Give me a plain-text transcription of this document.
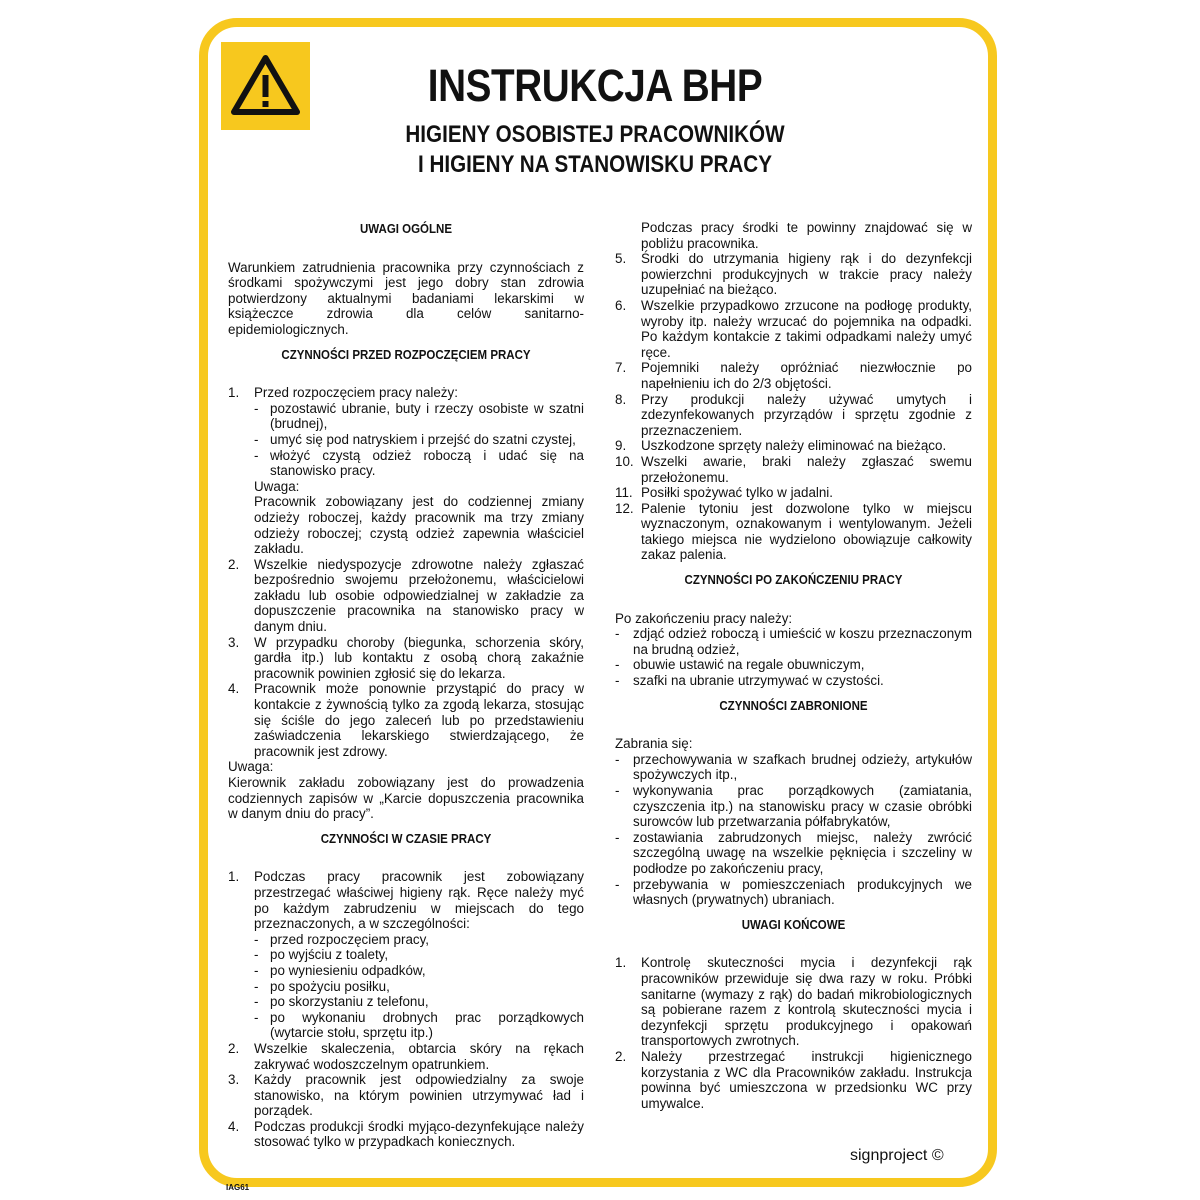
INSTRUKCJA BHP
HIGIENY OSOBISTEJ PRACOWNIKÓW
I HIGIENY NA STANOWISKU PRACY
UWAGI OGÓLNE

Warunkiem zatrudnienia pracownika przy czynnościach z środkami spożywczymi jest jego dobry stan zdrowia potwierdzony aktualnymi badaniami lekarskimi w książeczce zdrowia dla celów sanitarno-epidemiologicznych.

CZYNNOŚCI PRZED ROZPOCZĘCIEM PRACY
1.	Przed rozpoczęciem pracy należy:
- pozostawić ubranie, buty i rzeczy osobiste w szatni (brudnej),
- umyć się pod natryskiem i przejść do szatni czystej,
- włożyć czystą odzież roboczą i udać się na stanowisko pracy.
Uwaga:
Pracownik zobowiązany jest do codziennej zmiany odzieży roboczej, każdy pracownik ma trzy zmiany odzieży roboczej; czystą odzież zapewnia właściciel zakładu.
2.	Wszelkie niedyspozycje zdrowotne należy zgłaszać bezpośrednio swojemu przełożonemu, właścicielowi zakładu lub osobie odpowiedzialnej w zakładzie za dopuszczenie pracownika na stanowisko pracy w danym dniu.
3.	W przypadku choroby (biegunka, schorzenia skóry, gardła itp.) lub kontaktu z osobą chorą zakaźnie pracownik powinien zgłosić się do lekarza.
4.	Pracownik może ponownie przystąpić do pracy w kontakcie z żywnością tylko za zgodą lekarza, stosując się ściśle do jego zaleceń lub po przedstawieniu zaświadczenia lekarskiego stwierdzającego, że pracownik jest zdrowy.
Uwaga:
Kierownik zakładu zobowiązany jest do prowadzenia codziennych zapisów w „Karcie dopuszczenia pracownika w danym dniu do pracy”.
CZYNNOŚCI W CZASIE PRACY
1.	Podczas pracy pracownik jest zobowiązany przestrzegać właściwej higieny rąk. Ręce należy myć po każdym zabrudzeniu w miejscach do tego przeznaczonych, a w szczególności:
- przed rozpoczęciem pracy,
- po wyjściu z toalety,
- po wyniesieniu odpadków,
- po spożyciu posiłku,
- po skorzystaniu z telefonu,
- po wykonaniu drobnych prac porządkowych (wytarcie stołu, sprzętu itp.)
2.	Wszelkie skaleczenia, obtarcia skóry na rękach zakrywać wodoszczelnym opatrunkiem.
3.	Każdy pracownik jest odpowiedzialny za swoje stanowisko, na którym powinien utrzymywać ład i porządek.
4.	Podczas produkcji środki myjąco-dezynfekujące należy stosować tylko w przypadkach koniecznych.
Podczas pracy środki te powinny znajdować się w pobliżu pracownika.
5.	Środki do utrzymania higieny rąk i do dezynfekcji powierzchni produkcyjnych w trakcie pracy należy uzupełniać na bieżąco.
6.	Wszelkie przypadkowo zrzucone na podłogę produkty, wyroby itp. należy wrzucać do pojemnika na odpadki. Po każdym kontakcie z takimi odpadkami należy umyć ręce.
7.	Pojemniki należy opróżniać niezwłocznie po napełnieniu ich do 2/3 objętości.
8.	Przy produkcji należy używać umytych i zdezynfekowanych przyrządów i sprzętu zgodnie z przeznaczeniem.
9.	Uszkodzone sprzęty należy eliminować na bieżąco.
10. Wszelki awarie, braki należy zgłaszać swemu przełożonemu.
11. Posiłki spożywać tylko w jadalni.
12. Palenie tytoniu jest dozwolone tylko w miejscu wyznaczonym, oznakowanym i wentylowanym. Jeżeli takiego miejsca nie wydzielono obowiązuje całkowity zakaz palenia.
CZYNNOŚCI PO ZAKOŃCZENIU PRACY
Po zakończeniu pracy należy:
-	zdjąć odzież roboczą i umieścić w koszu przeznaczonym na brudną odzież,
-	obuwie ustawić na regale obuwniczym,
-	szafki na ubranie utrzymywać w czystości.
CZYNNOŚCI ZABRONIONE
Zabrania się:
-	przechowywania w szafkach brudnej odzieży, artykułów spożywczych itp.,
-	wykonywania prac porządkowych (zamiatania, czyszczenia itp.) na stanowisku pracy w czasie obróbki surowców lub przetwarzania półfabrykatów,
-	zostawiania zabrudzonych miejsc, należy zwrócić szczególną uwagę na wszelkie pęknięcia i szczeliny w podłodze po zakończeniu pracy,
-	przebywania w pomieszczeniach produkcyjnych we własnych (prywatnych) ubraniach.
UWAGI KOŃCOWE
1.	Kontrolę skuteczności mycia i dezynfekcji rąk pracowników przewiduje się dwa razy w roku. Próbki sanitarne (wymazy z rąk) do badań mikrobiologicznych są pobierane razem z kontrolą skuteczności mycia i dezynfekcji sprzętu produkcyjnego i opakowań transportowych zwrotnych.
2.	Należy przestrzegać instrukcji higienicznego korzystania z WC dla Pracowników zakładu. Instrukcja powinna być umieszczona w przedsionku WC przy umywalce.
signproject ©
IAG61
